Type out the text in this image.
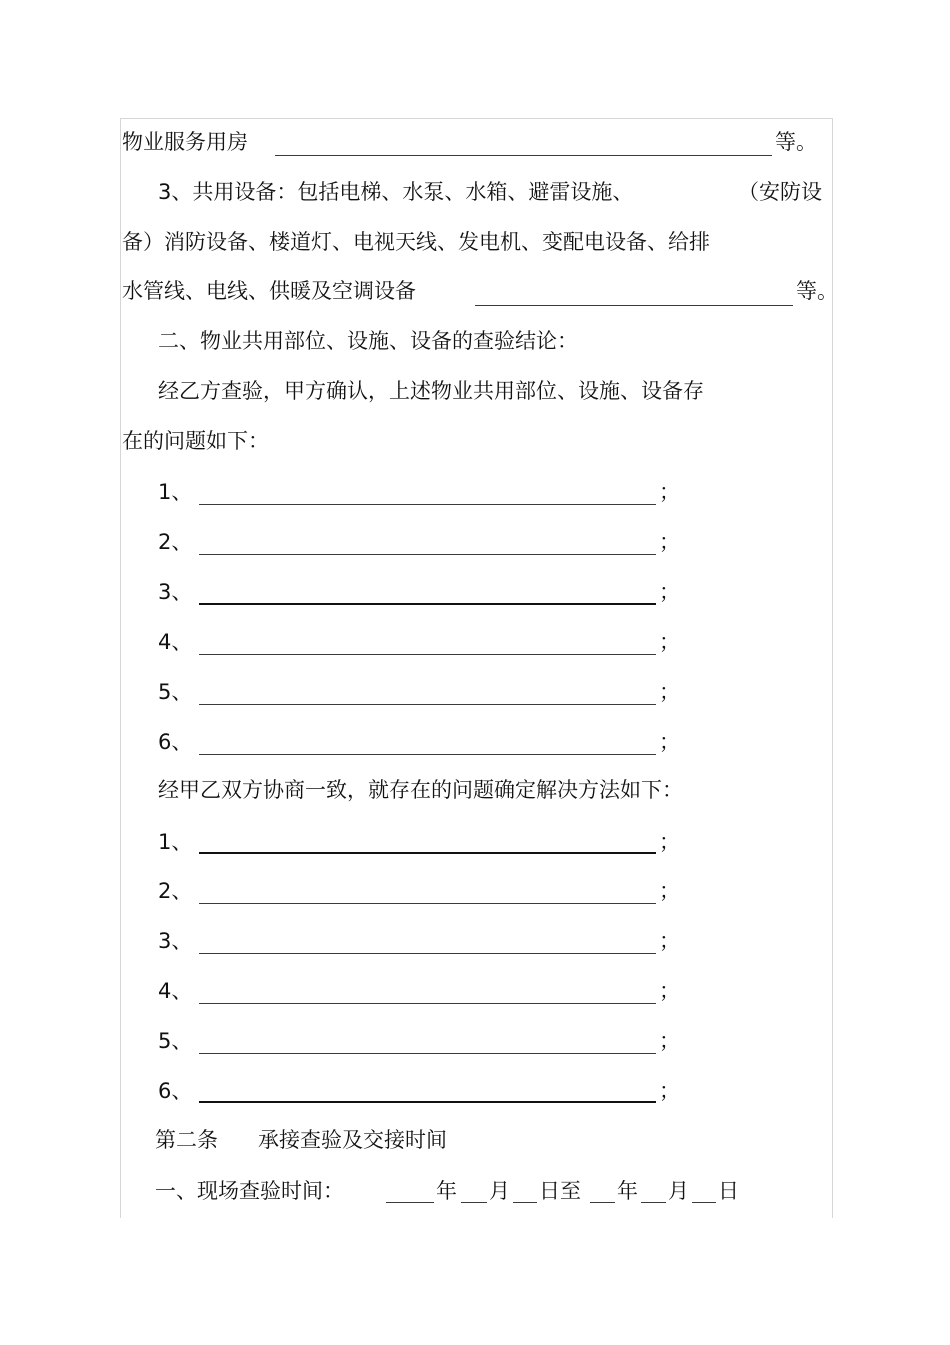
物业服务用房	等。
3、共用设备：包括电梯、水泵、水箱、避雷设施、	（安防设
备）消防设备、楼道灯、电视天线、发电机、变配电设备、给排
水管线、电线、供暖及空调设备	等。
二、物业共用部位、设施、设备的查验结论：
经乙方查验，甲方确认，上述物业共用部位、设施、设备存
在的问题如下：
1、	；
2、	；
3、	；
4、	；
5、	；
6、	；
经甲乙双方协商一致，就存在的问题确定解决方法如下：
1、	；
2、	；
3、	；
4、	；
5、	；
6、	；
第二条 承接查验及交接时间
一、现场查验时间：	年 月 日至 年 月 日
